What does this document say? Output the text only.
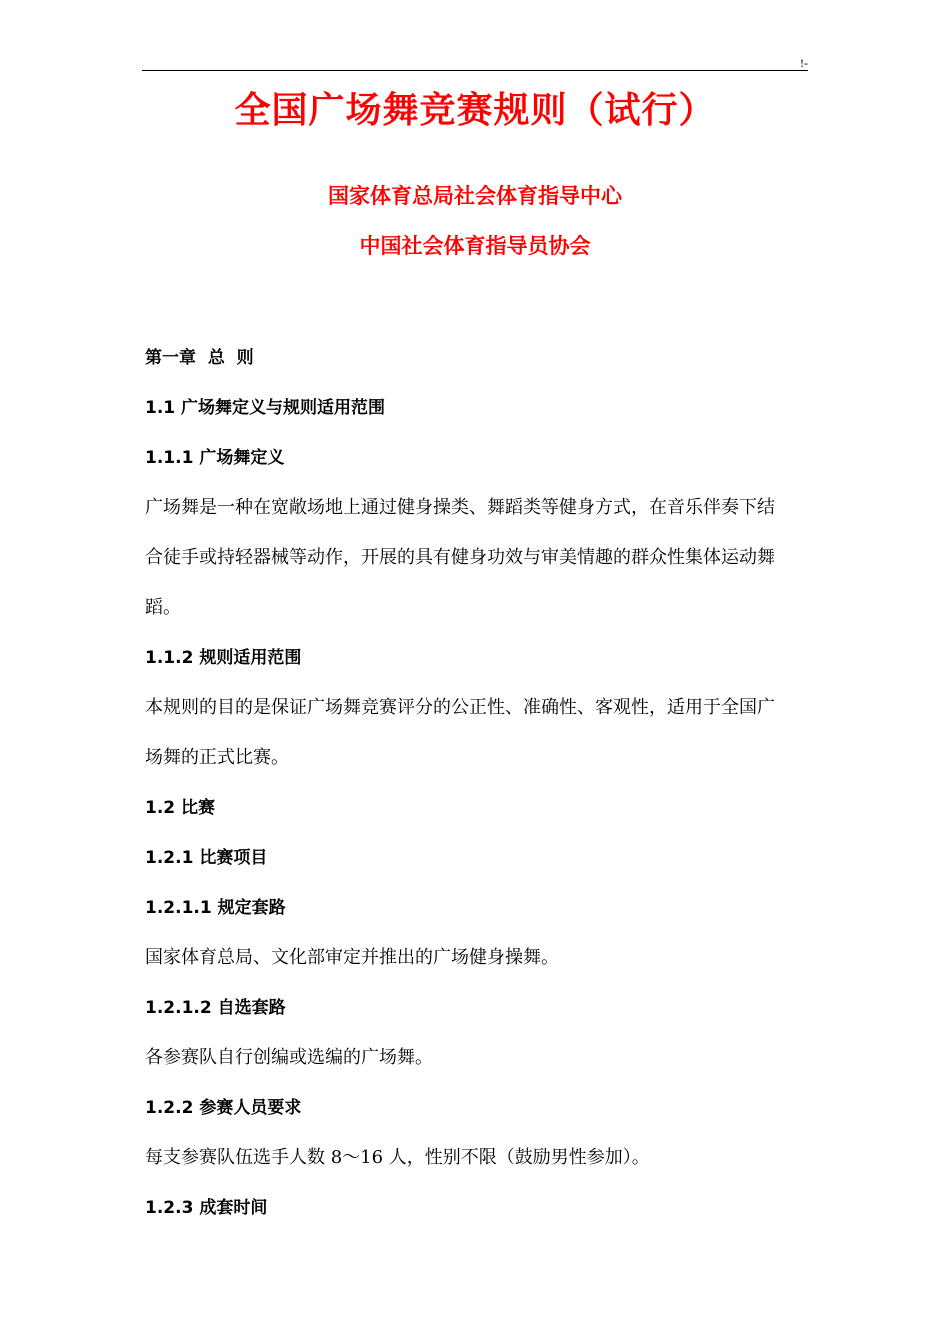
!-
全国广场舞竞赛规则（试行）
国家体育总局社会体育指导中心
中国社会体育指导员协会
第一章  总  则
1.1 广场舞定义与规则适用范围
1.1.1 广场舞定义
广场舞是一种在宽敞场地上通过健身操类、舞蹈类等健身方式，在音乐伴奏下结
合徒手或持轻器械等动作，开展的具有健身功效与审美情趣的群众性集体运动舞
蹈。
1.1.2 规则适用范围
本规则的目的是保证广场舞竞赛评分的公正性、准确性、客观性，适用于全国广
场舞的正式比赛。
1.2 比赛
1.2.1 比赛项目
1.2.1.1 规定套路
国家体育总局、文化部审定并推出的广场健身操舞。
1.2.1.2 自选套路
各参赛队自行创编或选编的广场舞。
1.2.2 参赛人员要求
每支参赛队伍选手人数 8～16 人，性别不限（鼓励男性参加）。
1.2.3 成套时间
